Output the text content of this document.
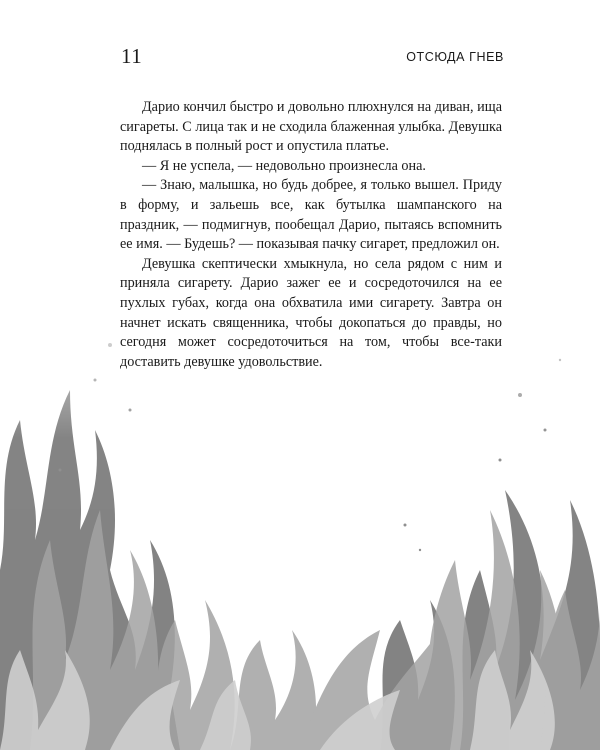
11	ОТСЮДА ГНЕВ

Дарио кончил быстро и довольно плюхнулся на диван, ища сигареты. С лица так и не сходила блаженная улыбка. Девушка поднялась в полный рост и опустила платье.

— Я не успела, — недовольно произнесла она.

— Знаю, малышка, но будь добрее, я только вышел. Приду в форму, и зальешь все, как бутылка шампанского на праздник, — подмигнув, пообещал Дарио, пытаясь вспомнить ее имя. — Будешь? — показывая пачку сигарет, предложил он.

Девушка скептически хмыкнула, но села рядом с ним и приняла сигарету. Дарио зажег ее и сосредоточился на ее пухлых губах, когда она обхватила ими сигарету. Завтра он начнет искать священника, чтобы докопаться до правды, но сегодня может сосредоточиться на том, чтобы все-таки доставить девушке удовольствие.
